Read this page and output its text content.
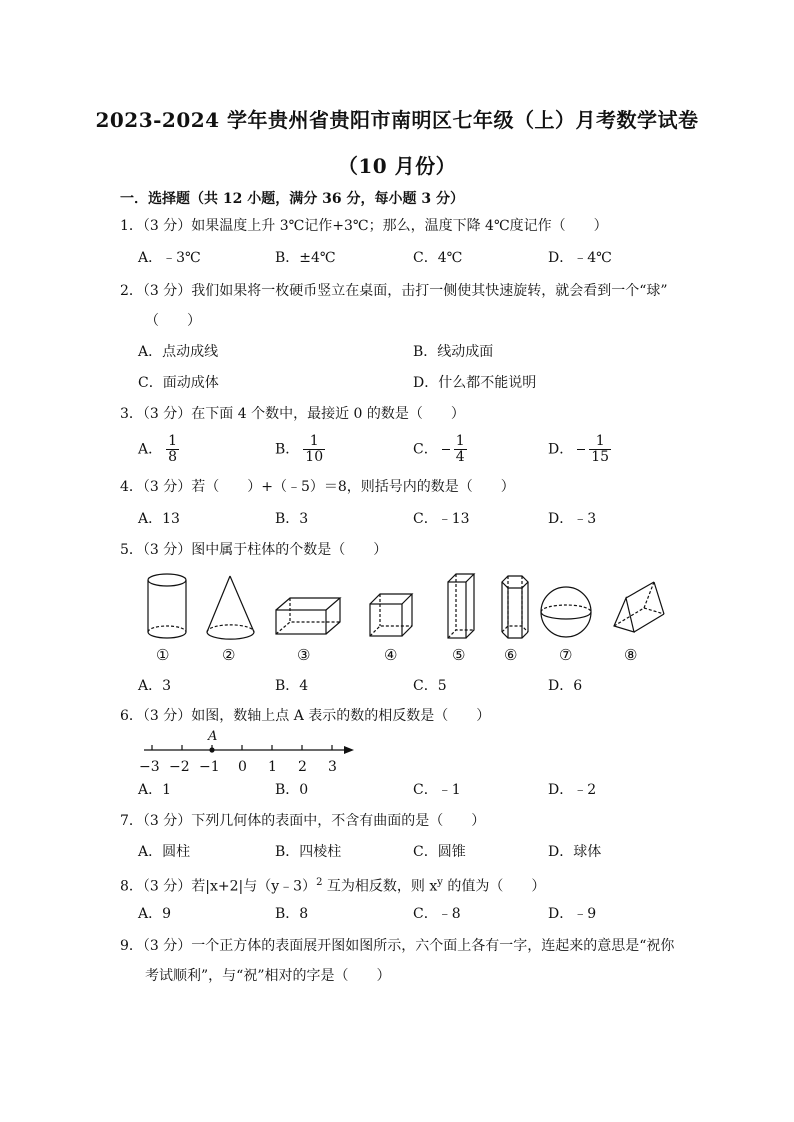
2023-2024 学年贵州省贵阳市南明区七年级（上）月考数学试卷
（10 月份）
一．选择题（共 12 小题，满分 36 分，每小题 3 分）
1．（3 分）如果温度上升 3℃记作+3℃；那么，温度下降 4℃度记作（　　）
A．﹣3℃	B．±4℃	C．4℃	D．﹣4℃
2．（3 分）我们如果将一枚硬币竖立在桌面，击打一侧使其快速旋转，就会看到一个“球”
（　　）
A．点动成线	B．线动成面
C．面动成体	D．什么都不能说明
3．（3 分）在下面 4 个数中，最接近 0 的数是（　　）
A． $\frac{1}{8}$	B． $\frac{1}{10}$	C． $\frac{1}{4}$	D． $\frac{1}{15}$
4．（3 分）若（　　）+（﹣5）＝8，则括号内的数是（　　）
A．13	B．3	C．﹣13	D．﹣3
5．（3 分）图中属于柱体的个数是（　　）
①	②	③	④	⑤	⑥	⑦	⑧
A．3	B．4	C．5	D．6
6．（3 分）如图，数轴上点 A 表示的数的相反数是（　　）
A
−3 −2 −1 0 1 2 3
A．1	B．0	C．﹣1	D．﹣2
7．（3 分）下列几何体的表面中，不含有曲面的是（　　）
A．圆柱	B．四棱柱	C．圆锥	D．球体
8．（3 分）若|x+2|与（y﹣3）$^2$ 互为相反数，则 $x^y$ 的值为（　　）
A．9	B．8	C．﹣8	D．﹣9
9．（3 分）一个正方体的表面展开图如图所示，六个面上各有一字，连起来的意思是“祝你
考试顺利”，与“祝”相对的字是（　　）
